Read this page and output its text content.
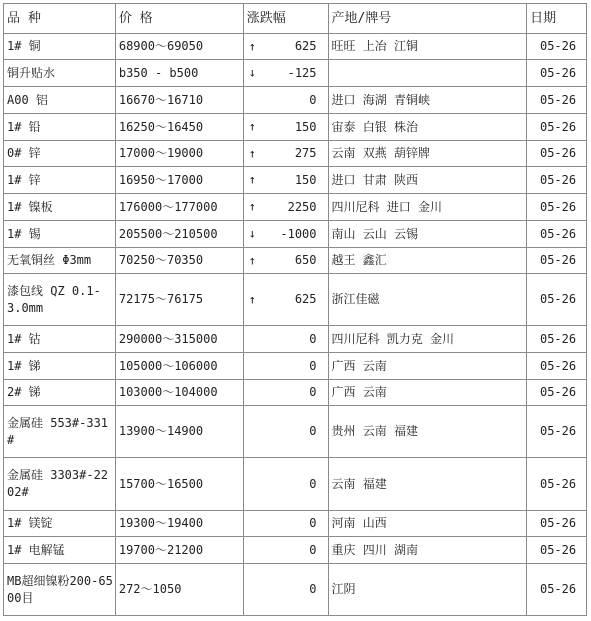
品 种	价 格	涨跌幅	产地/牌号	日期
1# 铜	68900～69050	↑ 625	旺旺 上冶 江铜	05-26
铜升贴水	b350 - b500	↓ -125		05-26
A00 铝	16670～16710	0	进口 海湖 青铜峡	05-26
1# 铅	16250～16450	↑ 150	宙泰 白银 株治	05-26
0# 锌	17000～19000	↑ 275	云南 双燕 葫锌牌	05-26
1# 锌	16950～17000	↑ 150	进口 甘肃 陕西	05-26
1# 镍板	176000～177000	↑ 2250	四川尼科 进口 金川	05-26
1# 锡	205500～210500	↓ -1000	南山 云山 云锡	05-26
无氧铜丝 Φ3mm	70250～70350	↑ 650	越王 鑫汇	05-26
漆包线 QZ 0.1-3.0mm	72175～76175	↑ 625	浙江佳磁	05-26
1# 钴	290000～315000	0	四川尼科 凯力克 金川	05-26
1# 锑	105000～106000	0	广西 云南	05-26
2# 锑	103000～104000	0	广西 云南	05-26
金属硅 553#-331#	13900～14900	0	贵州 云南 福建	05-26
金属硅 3303#-2202#	15700～16500	0	云南 福建	05-26
1# 镁锭	19300～19400	0	河南 山西	05-26
1# 电解锰	19700～21200	0	重庆 四川 湖南	05-26
MB超细镍粉200-6500目	272～1050	0	江阴	05-26
